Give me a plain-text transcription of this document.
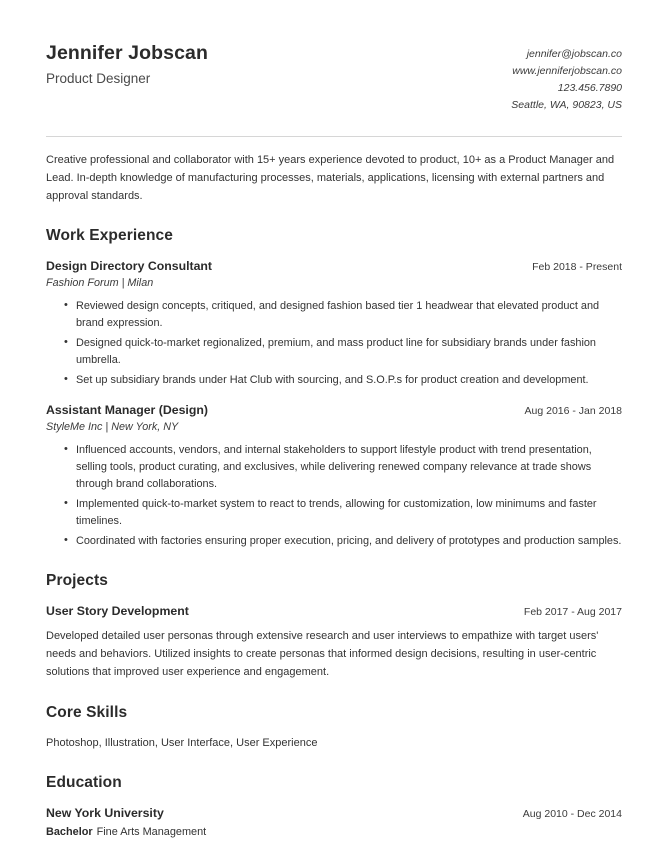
Jennifer Jobscan
Product Designer
jennifer@jobscan.co
www.jenniferjobscan.co
123.456.7890
Seattle, WA, 90823, US
Creative professional and collaborator with 15+ years experience devoted to product, 10+ as a Product Manager and Lead. In-depth knowledge of manufacturing processes, materials, applications, licensing with external partners and approval standards.
Work Experience
Design Directory Consultant	Feb 2018 - Present
Fashion Forum | Milan
• Reviewed design concepts, critiqued, and designed fashion based tier 1 headwear that elevated product and brand expression.
• Designed quick-to-market regionalized, premium, and mass product line for subsidiary brands under fashion umbrella.
• Set up subsidiary brands under Hat Club with sourcing, and S.O.P.s for product creation and development.
Assistant Manager (Design)	Aug 2016 - Jan 2018
StyleMe Inc | New York, NY
• Influenced accounts, vendors, and internal stakeholders to support lifestyle product with trend presentation, selling tools, product curating, and exclusives, while delivering renewed company relevance at trade shows through brand collaborations.
• Implemented quick-to-market system to react to trends, allowing for customization, low minimums and faster timelines.
• Coordinated with factories ensuring proper execution, pricing, and delivery of prototypes and production samples.
Projects
User Story Development	Feb 2017 - Aug 2017
Developed detailed user personas through extensive research and user interviews to empathize with target users' needs and behaviors. Utilized insights to create personas that informed design decisions, resulting in user-centric solutions that improved user experience and engagement.
Core Skills
Photoshop, Illustration, User Interface, User Experience
Education
New York University	Aug 2010 - Dec 2014
Bachelor Fine Arts Management
